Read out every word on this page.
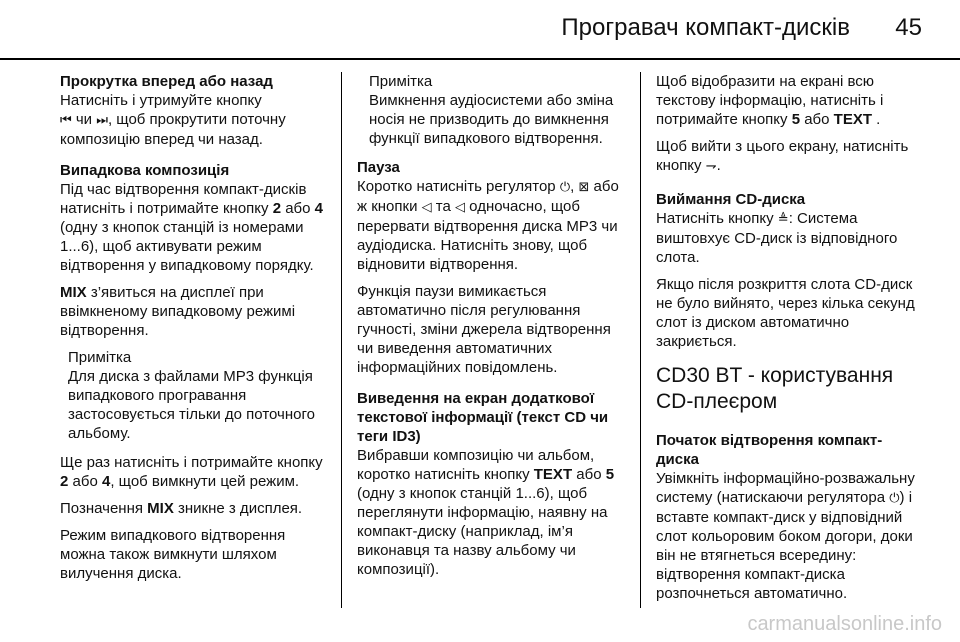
Програвач компакт-дисків 45

Прокрутка вперед або назад

Натисніть і утримуйте кнопку
⏮ чи ⏭, щоб прокрутити поточну композицію вперед чи назад.

Випадкова композиція

Під час відтворення компакт-дисків натисніть і потримайте кнопку 2 або 4 (одну з кнопок станцій із номерами 1...6), щоб активувати режим відтворення у випадковому порядку.

MIX з’явиться на дисплеї при ввімкненому випадковому режимі відтворення.

Примітка

Для диска з файлами MP3 функція випадкового програвання застосовується тільки до поточного альбому.

Ще раз натисніть і потримайте кнопку 2 або 4, щоб вимкнути цей режим.

Позначення MIX зникне з дисплея.

Режим випадкового відтворення можна також вимкнути шляхом вилучення диска.

Примітка

Вимкнення аудіосистеми або зміна носія не призводить до вимкнення функції випадкового відтворення.

Пауза

Коротко натисніть регулятор ⏻, ⊠ або ж кнопки ◁ та ◁ одночасно, щоб перервати відтворення диска MP3 чи аудіодиска. Натисніть знову, щоб відновити відтворення.

Функція паузи вимикається автоматично після регулювання гучності, зміни джерела відтворення чи виведення автоматичних інформаційних повідомлень.

Виведення на екран додаткової текстової інформації (текст CD чи теги ID3)

Вибравши композицію чи альбом, коротко натисніть кнопку TEXT або 5 (одну з кнопок станцій 1...6), щоб переглянути інформацію, наявну на компакт-диску (наприклад, ім’я виконавця та назву альбому чи композиції).

Щоб відобразити на екрані всю текстову інформацію, натисніть і потримайте кнопку 5 або TEXT .

Щоб вийти з цього екрану, натисніть кнопку ⇁.

Виймання CD-диска

Натисніть кнопку ≜: Система виштовхує CD-диск із відповідного слота.

Якщо після розкриття слота CD-диск не було вийнято, через кілька секунд слот із диском автоматично закриється.

CD30 BT - користування CD-плеєром

Початок відтворення компакт-диска

Увімкніть інформаційно-розважальну систему (натискаючи регулятора ⏻) і вставте компакт-диск у відповідний слот кольоровим боком догори, доки він не втягнеться всередину: відтворення компакт-диска розпочнеться автоматично.

carmanualsonline.info
